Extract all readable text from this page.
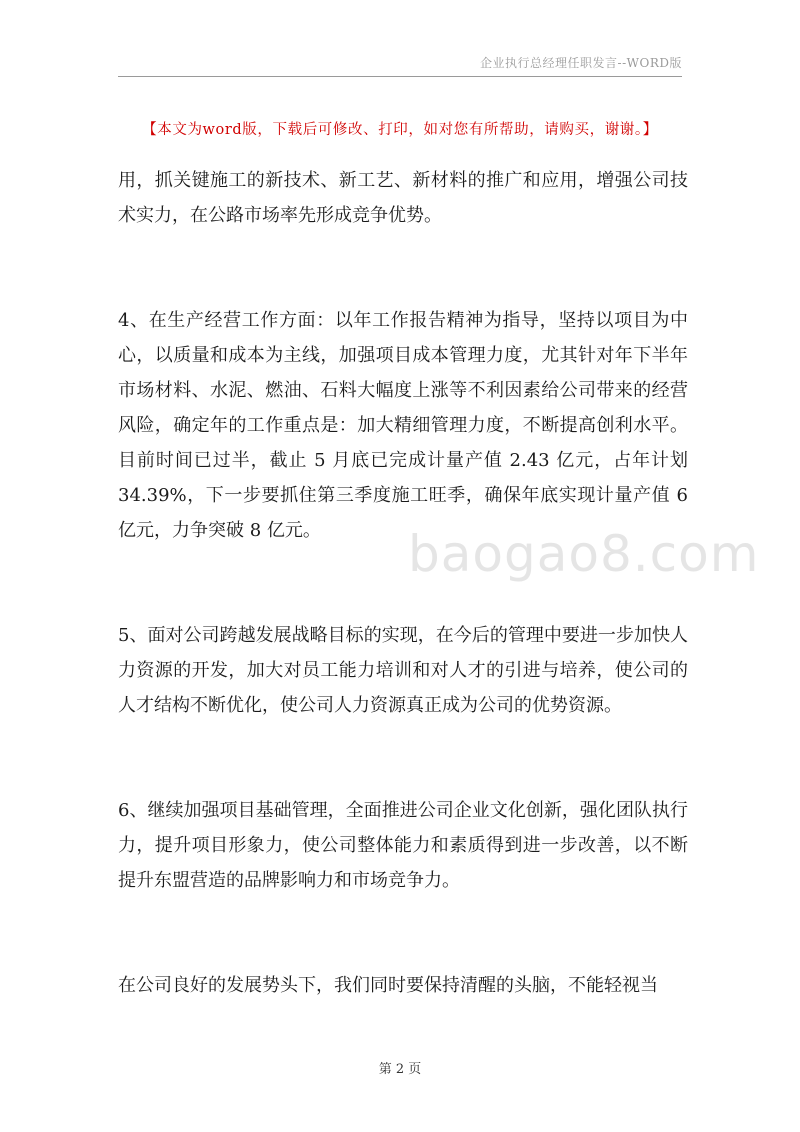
企业执行总经理任职发言--WORD版
【本文为word版，下载后可修改、打印，如对您有所帮助，请购买，谢谢。】

用，抓关键施工的新技术、新工艺、新材料的推广和应用，增强公司技术实力，在公路市场率先形成竞争优势。

4、在生产经营工作方面：以年工作报告精神为指导，坚持以项目为中心，以质量和成本为主线，加强项目成本管理力度，尤其针对年下半年市场材料、水泥、燃油、石料大幅度上涨等不利因素给公司带来的经营风险，确定年的工作重点是：加大精细管理力度，不断提高创利水平。目前时间已过半，截止 5 月底已完成计量产值 2.43 亿元，占年计划 34.39%，下一步要抓住第三季度施工旺季，确保年底实现计量产值 6 亿元，力争突破 8 亿元。

5、面对公司跨越发展战略目标的实现，在今后的管理中要进一步加快人力资源的开发，加大对员工能力培训和对人才的引进与培养，使公司的人才结构不断优化，使公司人力资源真正成为公司的优势资源。

6、继续加强项目基础管理，全面推进公司企业文化创新，强化团队执行力，提升项目形象力，使公司整体能力和素质得到进一步改善，以不断提升东盟营造的品牌影响力和市场竞争力。

在公司良好的发展势头下，我们同时要保持清醒的头脑，不能轻视当

baogao8.com
第 2 页
